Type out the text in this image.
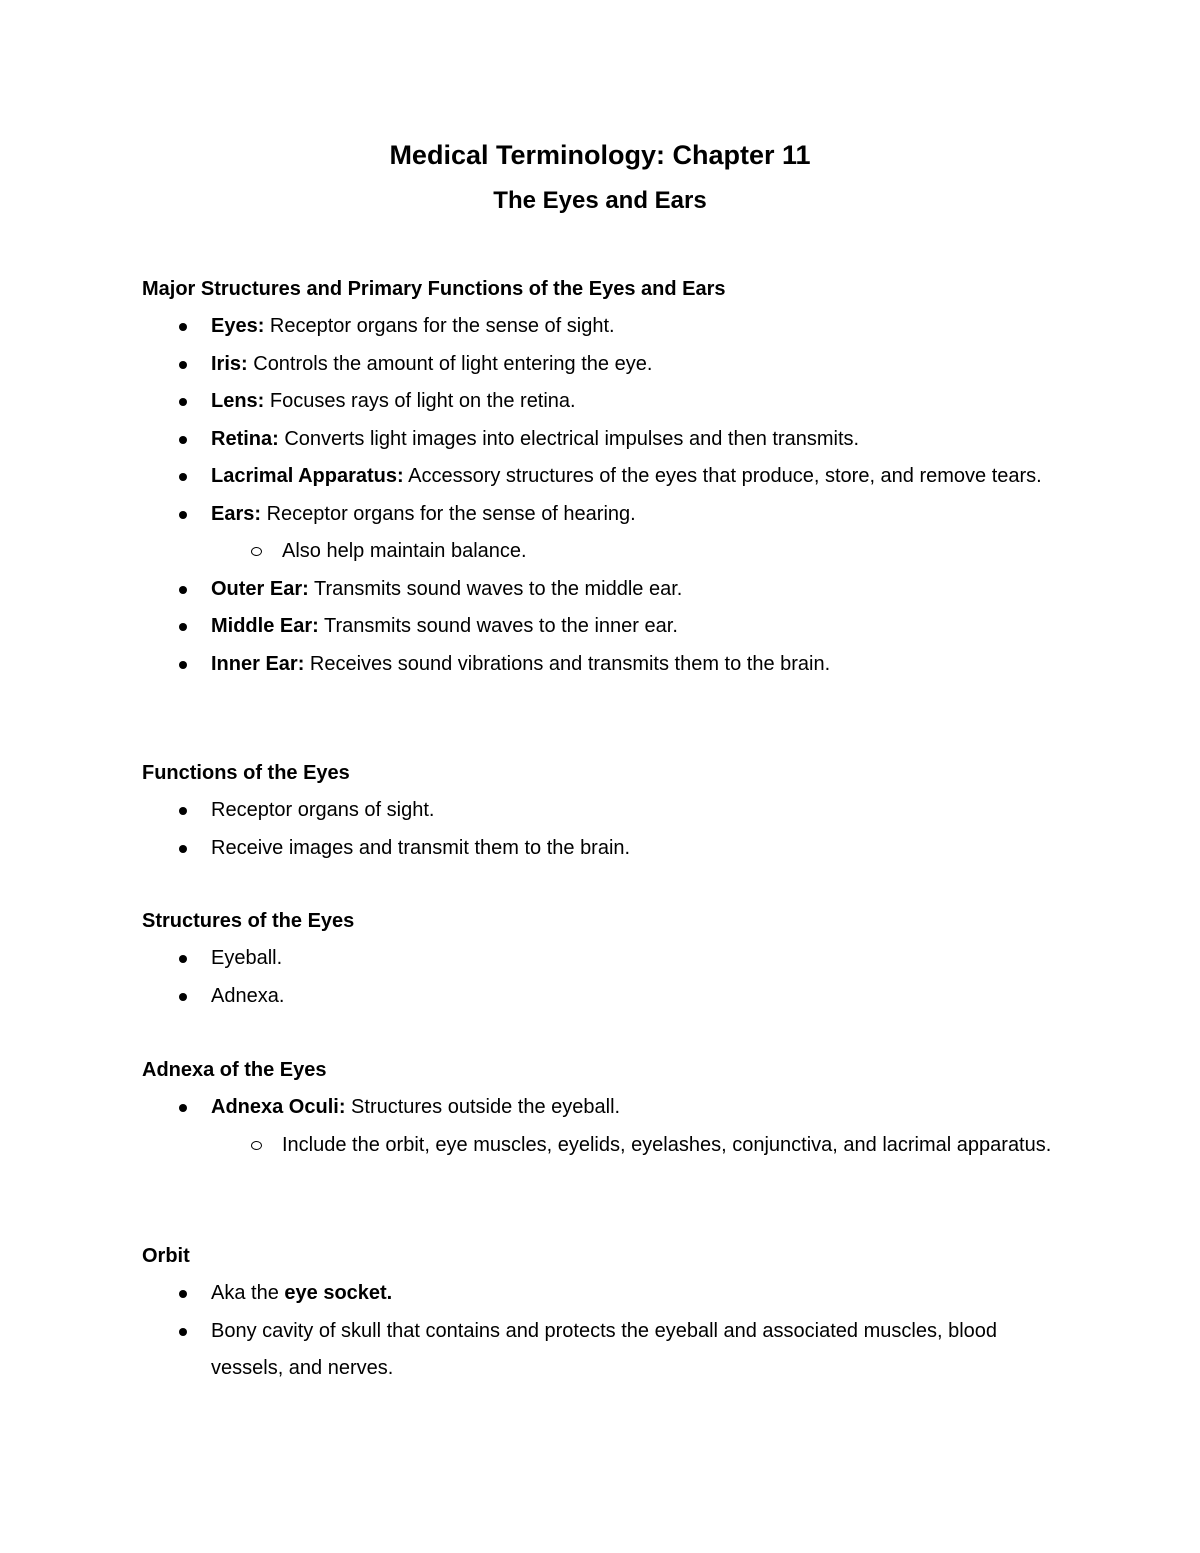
Medical Terminology: Chapter 11
The Eyes and Ears
Major Structures and Primary Functions of the Eyes and Ears
Eyes: Receptor organs for the sense of sight.
Iris: Controls the amount of light entering the eye.
Lens: Focuses rays of light on the retina.
Retina: Converts light images into electrical impulses and then transmits.
Lacrimal Apparatus: Accessory structures of the eyes that produce, store, and remove tears.
Ears: Receptor organs for the sense of hearing.
Also help maintain balance.
Outer Ear: Transmits sound waves to the middle ear.
Middle Ear: Transmits sound waves to the inner ear.
Inner Ear: Receives sound vibrations and transmits them to the brain.
Functions of the Eyes
Receptor organs of sight.
Receive images and transmit them to the brain.
Structures of the Eyes
Eyeball.
Adnexa.
Adnexa of the Eyes
Adnexa Oculi: Structures outside the eyeball.
Include the orbit, eye muscles, eyelids, eyelashes, conjunctiva, and lacrimal apparatus.
Orbit
Aka the eye socket.
Bony cavity of skull that contains and protects the eyeball and associated muscles, blood vessels, and nerves.
